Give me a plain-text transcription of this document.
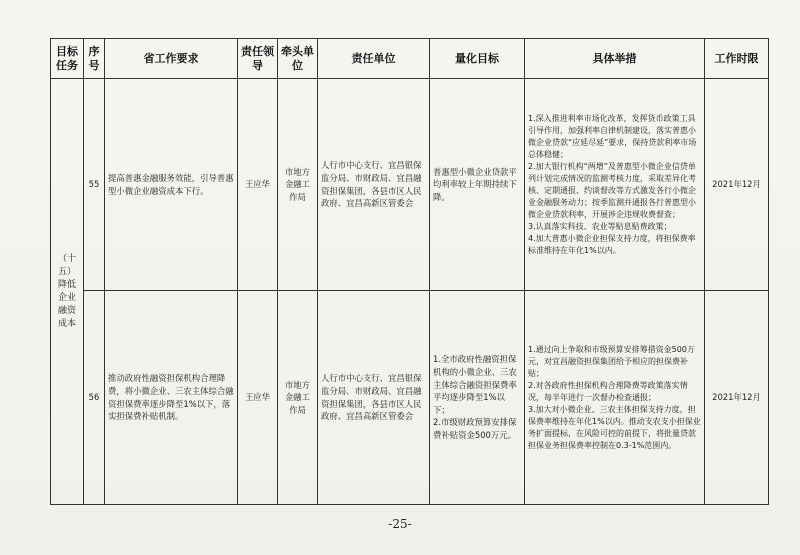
目标任务	序号	省工作要求	责任领导	牵头单位	责任单位	量化目标	具体举措	工作时限
（十五）降低企业融资成本	55	提高普惠金融服务效能，引导普惠型小微企业融资成本下行。	王应华	市地方金融工作局	人行市中心支行、宜昌银保监分局、市财政局、宜昌融资担保集团，各县市区人民政府、宜昌高新区管委会	普惠型小微企业贷款平均利率较上年期持续下降。	1.深入推进利率市场化改革，发挥货币政策工具引导作用，加强利率自律机制建设，落实普惠小微企业贷款“应延尽延”要求，保持贷款利率市场总体稳健；
2.加大银行机构“两增”及普惠型小微企业信贷单列计划完成情况的监测考核力度，采取差异化考核、定期通报、约谈督改等方式激发各行小微企业金融服务动力；按季监测并通报各行普惠型小微企业贷款利率，开展涉企违规收费督查；
3.认真落实科技、农业等贴息贴费政策；
4.加大普惠小微企业担保支持力度，将担保费率标准维持在年化1%以内。	2021年12月
	56	推动政府性融资担保机构合理降费，将小微企业、三农主体综合融资担保费率逐步降至1%以下，落实担保费补贴机制。	王应华	市地方金融工作局	人行市中心支行、宜昌银保监分局、市财政局、宜昌融资担保集团，各县市区人民政府、宜昌高新区管委会	1.全市政府性融资担保机构的小微企业、三农主体综合融资担保费率平均逐步降至1%以下；
2.市级财政预算安排保费补贴资金500万元。	1.通过向上争取和市级预算安排筹措资金500万元，对宜昌融资担保集团给予相应的担保费补贴；
2.对各政府性担保机构合理降费等政策落实情况，每半年进行一次督办检查通报；
3.加大对小微企业、三农主体担保支持力度，担保费率维持在年化1%以内。推动支农支小担保业务扩面提标，在风险可控的前提下，将批量贷款担保业务担保费率控制在0.3-1%范围内。	2021年12月
-25-
